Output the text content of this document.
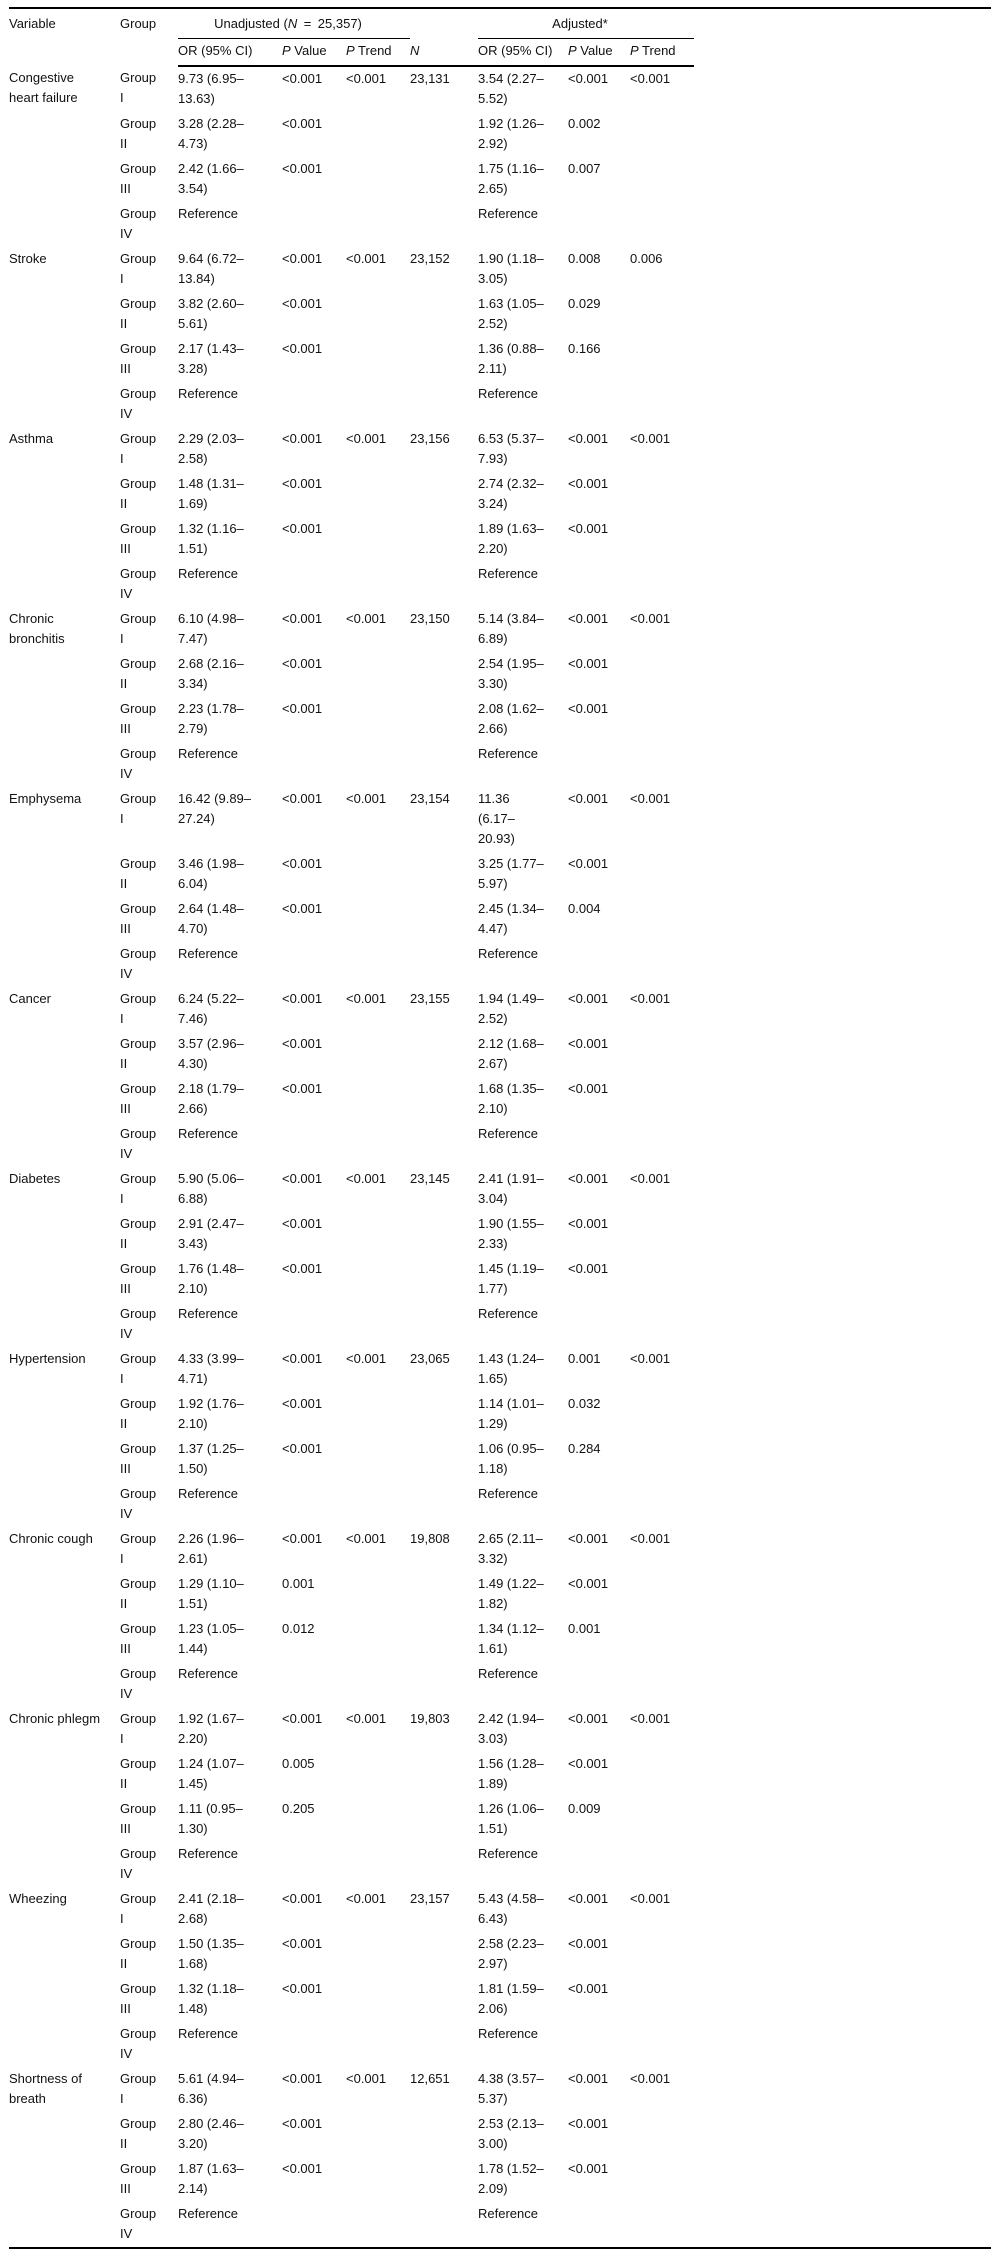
Variable	Group	Unadjusted (N = 25,357)				Adjusted*			
		OR (95% CI)	P Value	P Trend	N	OR (95% CI)	P Value	P Trend	
Congestive heart failure	Group I	9.73 (6.95–13.63)	<0.001	<0.001	23,131	3.54 (2.27–5.52)	<0.001	<0.001	
	Group II	3.28 (2.28–4.73)	<0.001			1.92 (1.26–2.92)	0.002		
	Group III	2.42 (1.66–3.54)	<0.001			1.75 (1.16–2.65)	0.007		
	Group IV	Reference				Reference			
Stroke	Group I	9.64 (6.72–13.84)	<0.001	<0.001	23,152	1.90 (1.18–3.05)	0.008	0.006	
	Group II	3.82 (2.60–5.61)	<0.001			1.63 (1.05–2.52)	0.029		
	Group III	2.17 (1.43–3.28)	<0.001			1.36 (0.88–2.11)	0.166		
	Group IV	Reference				Reference			
Asthma	Group I	2.29 (2.03–2.58)	<0.001	<0.001	23,156	6.53 (5.37–7.93)	<0.001	<0.001	
	Group II	1.48 (1.31–1.69)	<0.001			2.74 (2.32–3.24)	<0.001		
	Group III	1.32 (1.16–1.51)	<0.001			1.89 (1.63–2.20)	<0.001		
	Group IV	Reference				Reference			
Chronic bronchitis	Group I	6.10 (4.98–7.47)	<0.001	<0.001	23,150	5.14 (3.84–6.89)	<0.001	<0.001	
	Group II	2.68 (2.16–3.34)	<0.001			2.54 (1.95–3.30)	<0.001		
	Group III	2.23 (1.78–2.79)	<0.001			2.08 (1.62–2.66)	<0.001		
	Group IV	Reference				Reference			
Emphysema	Group I	16.42 (9.89–27.24)	<0.001	<0.001	23,154	11.36 (6.17–20.93)	<0.001	<0.001	
	Group II	3.46 (1.98–6.04)	<0.001			3.25 (1.77–5.97)	<0.001		
	Group III	2.64 (1.48–4.70)	<0.001			2.45 (1.34–4.47)	0.004		
	Group IV	Reference				Reference			
Cancer	Group I	6.24 (5.22–7.46)	<0.001	<0.001	23,155	1.94 (1.49–2.52)	<0.001	<0.001	
	Group II	3.57 (2.96–4.30)	<0.001			2.12 (1.68–2.67)	<0.001		
	Group III	2.18 (1.79–2.66)	<0.001			1.68 (1.35–2.10)	<0.001		
	Group IV	Reference				Reference			
Diabetes	Group I	5.90 (5.06–6.88)	<0.001	<0.001	23,145	2.41 (1.91–3.04)	<0.001	<0.001	
	Group II	2.91 (2.47–3.43)	<0.001			1.90 (1.55–2.33)	<0.001		
	Group III	1.76 (1.48–2.10)	<0.001			1.45 (1.19–1.77)	<0.001		
	Group IV	Reference				Reference			
Hypertension	Group I	4.33 (3.99–4.71)	<0.001	<0.001	23,065	1.43 (1.24–1.65)	0.001	<0.001	
	Group II	1.92 (1.76–2.10)	<0.001			1.14 (1.01–1.29)	0.032		
	Group III	1.37 (1.25–1.50)	<0.001			1.06 (0.95–1.18)	0.284		
	Group IV	Reference				Reference			
Chronic cough	Group I	2.26 (1.96–2.61)	<0.001	<0.001	19,808	2.65 (2.11–3.32)	<0.001	<0.001	
	Group II	1.29 (1.10–1.51)	0.001			1.49 (1.22–1.82)	<0.001		
	Group III	1.23 (1.05–1.44)	0.012			1.34 (1.12–1.61)	0.001		
	Group IV	Reference				Reference			
Chronic phlegm	Group I	1.92 (1.67–2.20)	<0.001	<0.001	19,803	2.42 (1.94–3.03)	<0.001	<0.001	
	Group II	1.24 (1.07–1.45)	0.005			1.56 (1.28–1.89)	<0.001		
	Group III	1.11 (0.95–1.30)	0.205			1.26 (1.06–1.51)	0.009		
	Group IV	Reference				Reference			
Wheezing	Group I	2.41 (2.18–2.68)	<0.001	<0.001	23,157	5.43 (4.58–6.43)	<0.001	<0.001	
	Group II	1.50 (1.35–1.68)	<0.001			2.58 (2.23–2.97)	<0.001		
	Group III	1.32 (1.18–1.48)	<0.001			1.81 (1.59–2.06)	<0.001		
	Group IV	Reference				Reference			
Shortness of breath	Group I	5.61 (4.94–6.36)	<0.001	<0.001	12,651	4.38 (3.57–5.37)	<0.001	<0.001	
	Group II	2.80 (2.46–3.20)	<0.001			2.53 (2.13–3.00)	<0.001		
	Group III	1.87 (1.63–2.14)	<0.001			1.78 (1.52–2.09)	<0.001		
	Group IV	Reference				Reference			
